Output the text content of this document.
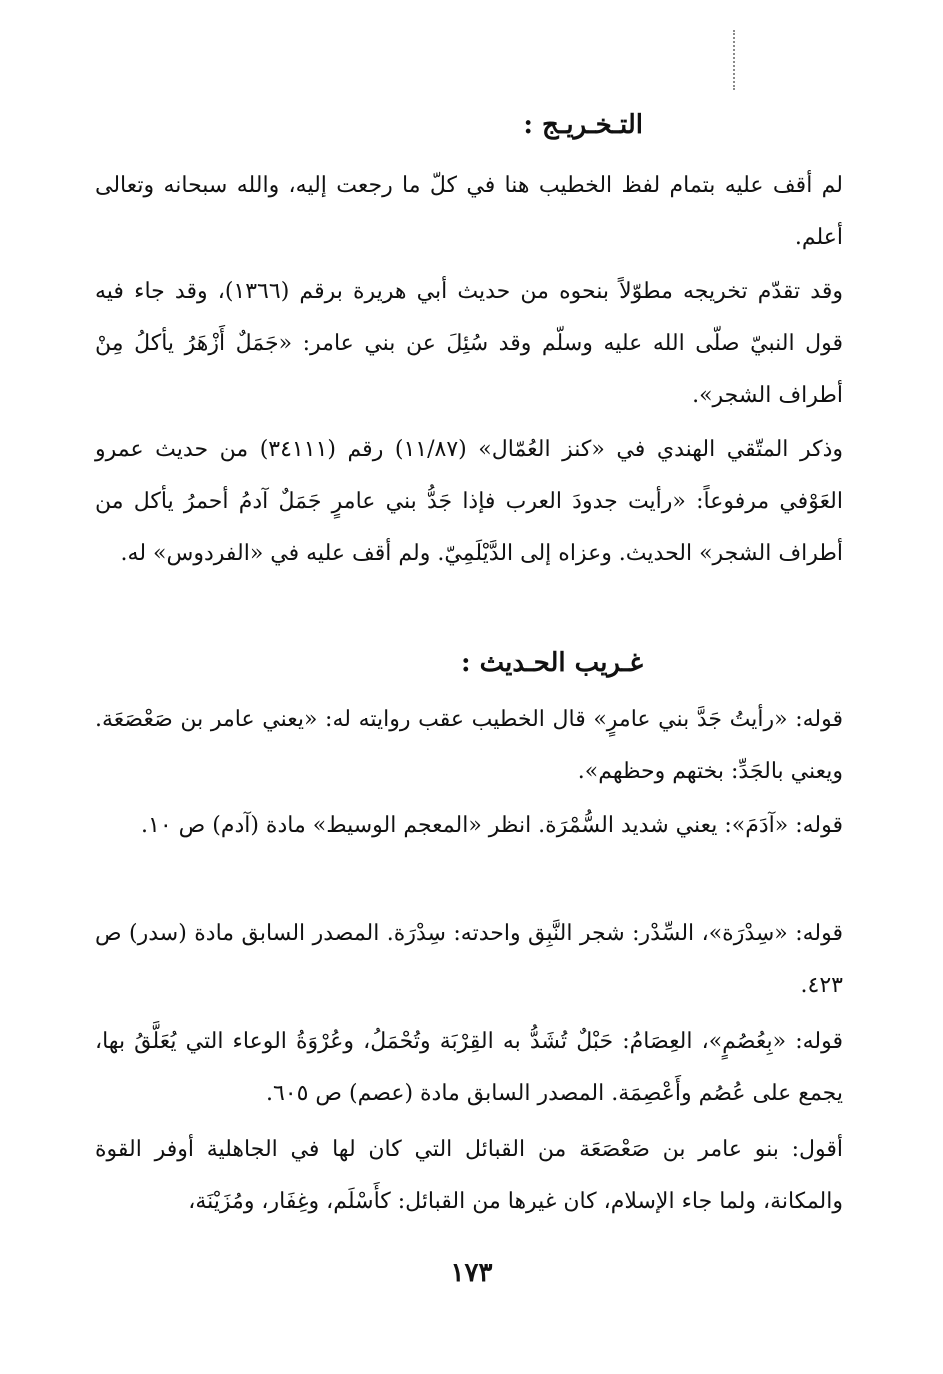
التـخـريـج :

لم أقف عليه بتمام لفظ الخطيب هنا في كلّ ما رجعت إليه، والله سبحانه وتعالى أعلم.

وقد تقدّم تخريجه مطوّلاً بنحوه من حديث أبي هريرة برقم (١٣٦٦)، وقد جاء فيه قول النبيّ صلّى الله عليه وسلّم وقد سُئِلَ عن بني عامر: «جَمَلٌ أَزْهَرُ يأكلُ مِنْ أطراف الشجر».

وذكر المتّقي الهندي في «كنز العُمّال» (١١/٨٧) رقم (٣٤١١١) من حديث عمرو العَوْفي مرفوعاً: «رأيت جدودَ العرب فإذا جَدُّ بني عامرٍ جَمَلٌ آدمُ أحمرُ يأكل من أطراف الشجر» الحديث. وعزاه إلى الدَّيْلَمِيّ. ولم أقف عليه في «الفردوس» له.

غـريب الحـديث :

قوله: «رأيتُ جَدَّ بني عامرٍ» قال الخطيب عقب روايته له: «يعني عامر بن صَعْصَعَة. ويعني بالجَدِّ: بختهم وحظهم».

قوله: «آدَمَ»: يعني شديد السُّمْرَة. انظر «المعجم الوسيط» مادة (آدم) ص ١٠.

قوله: «سِدْرَة»، السِّدْر: شجر النَّبِق واحدته: سِدْرَة. المصدر السابق مادة (سدر) ص ٤٢٣.

قوله: «بِعُصُمٍ»، العِصَامُ: حَبْلٌ تُشَدُّ به القِرْبَة وتُحْمَلُ، وعُرْوَةُ الوعاء التي يُعَلَّقُ بها، يجمع على عُصُم وأَعْصِمَة. المصدر السابق مادة (عصم) ص ٦٠٥.

أقول: بنو عامر بن صَعْصَعَة من القبائل التي كان لها في الجاهلية أوفر القوة والمكانة، ولما جاء الإسلام، كان غيرها من القبائل: كأَسْلَم، وغِفَار، ومُزَيْنَة،

١٧٣
